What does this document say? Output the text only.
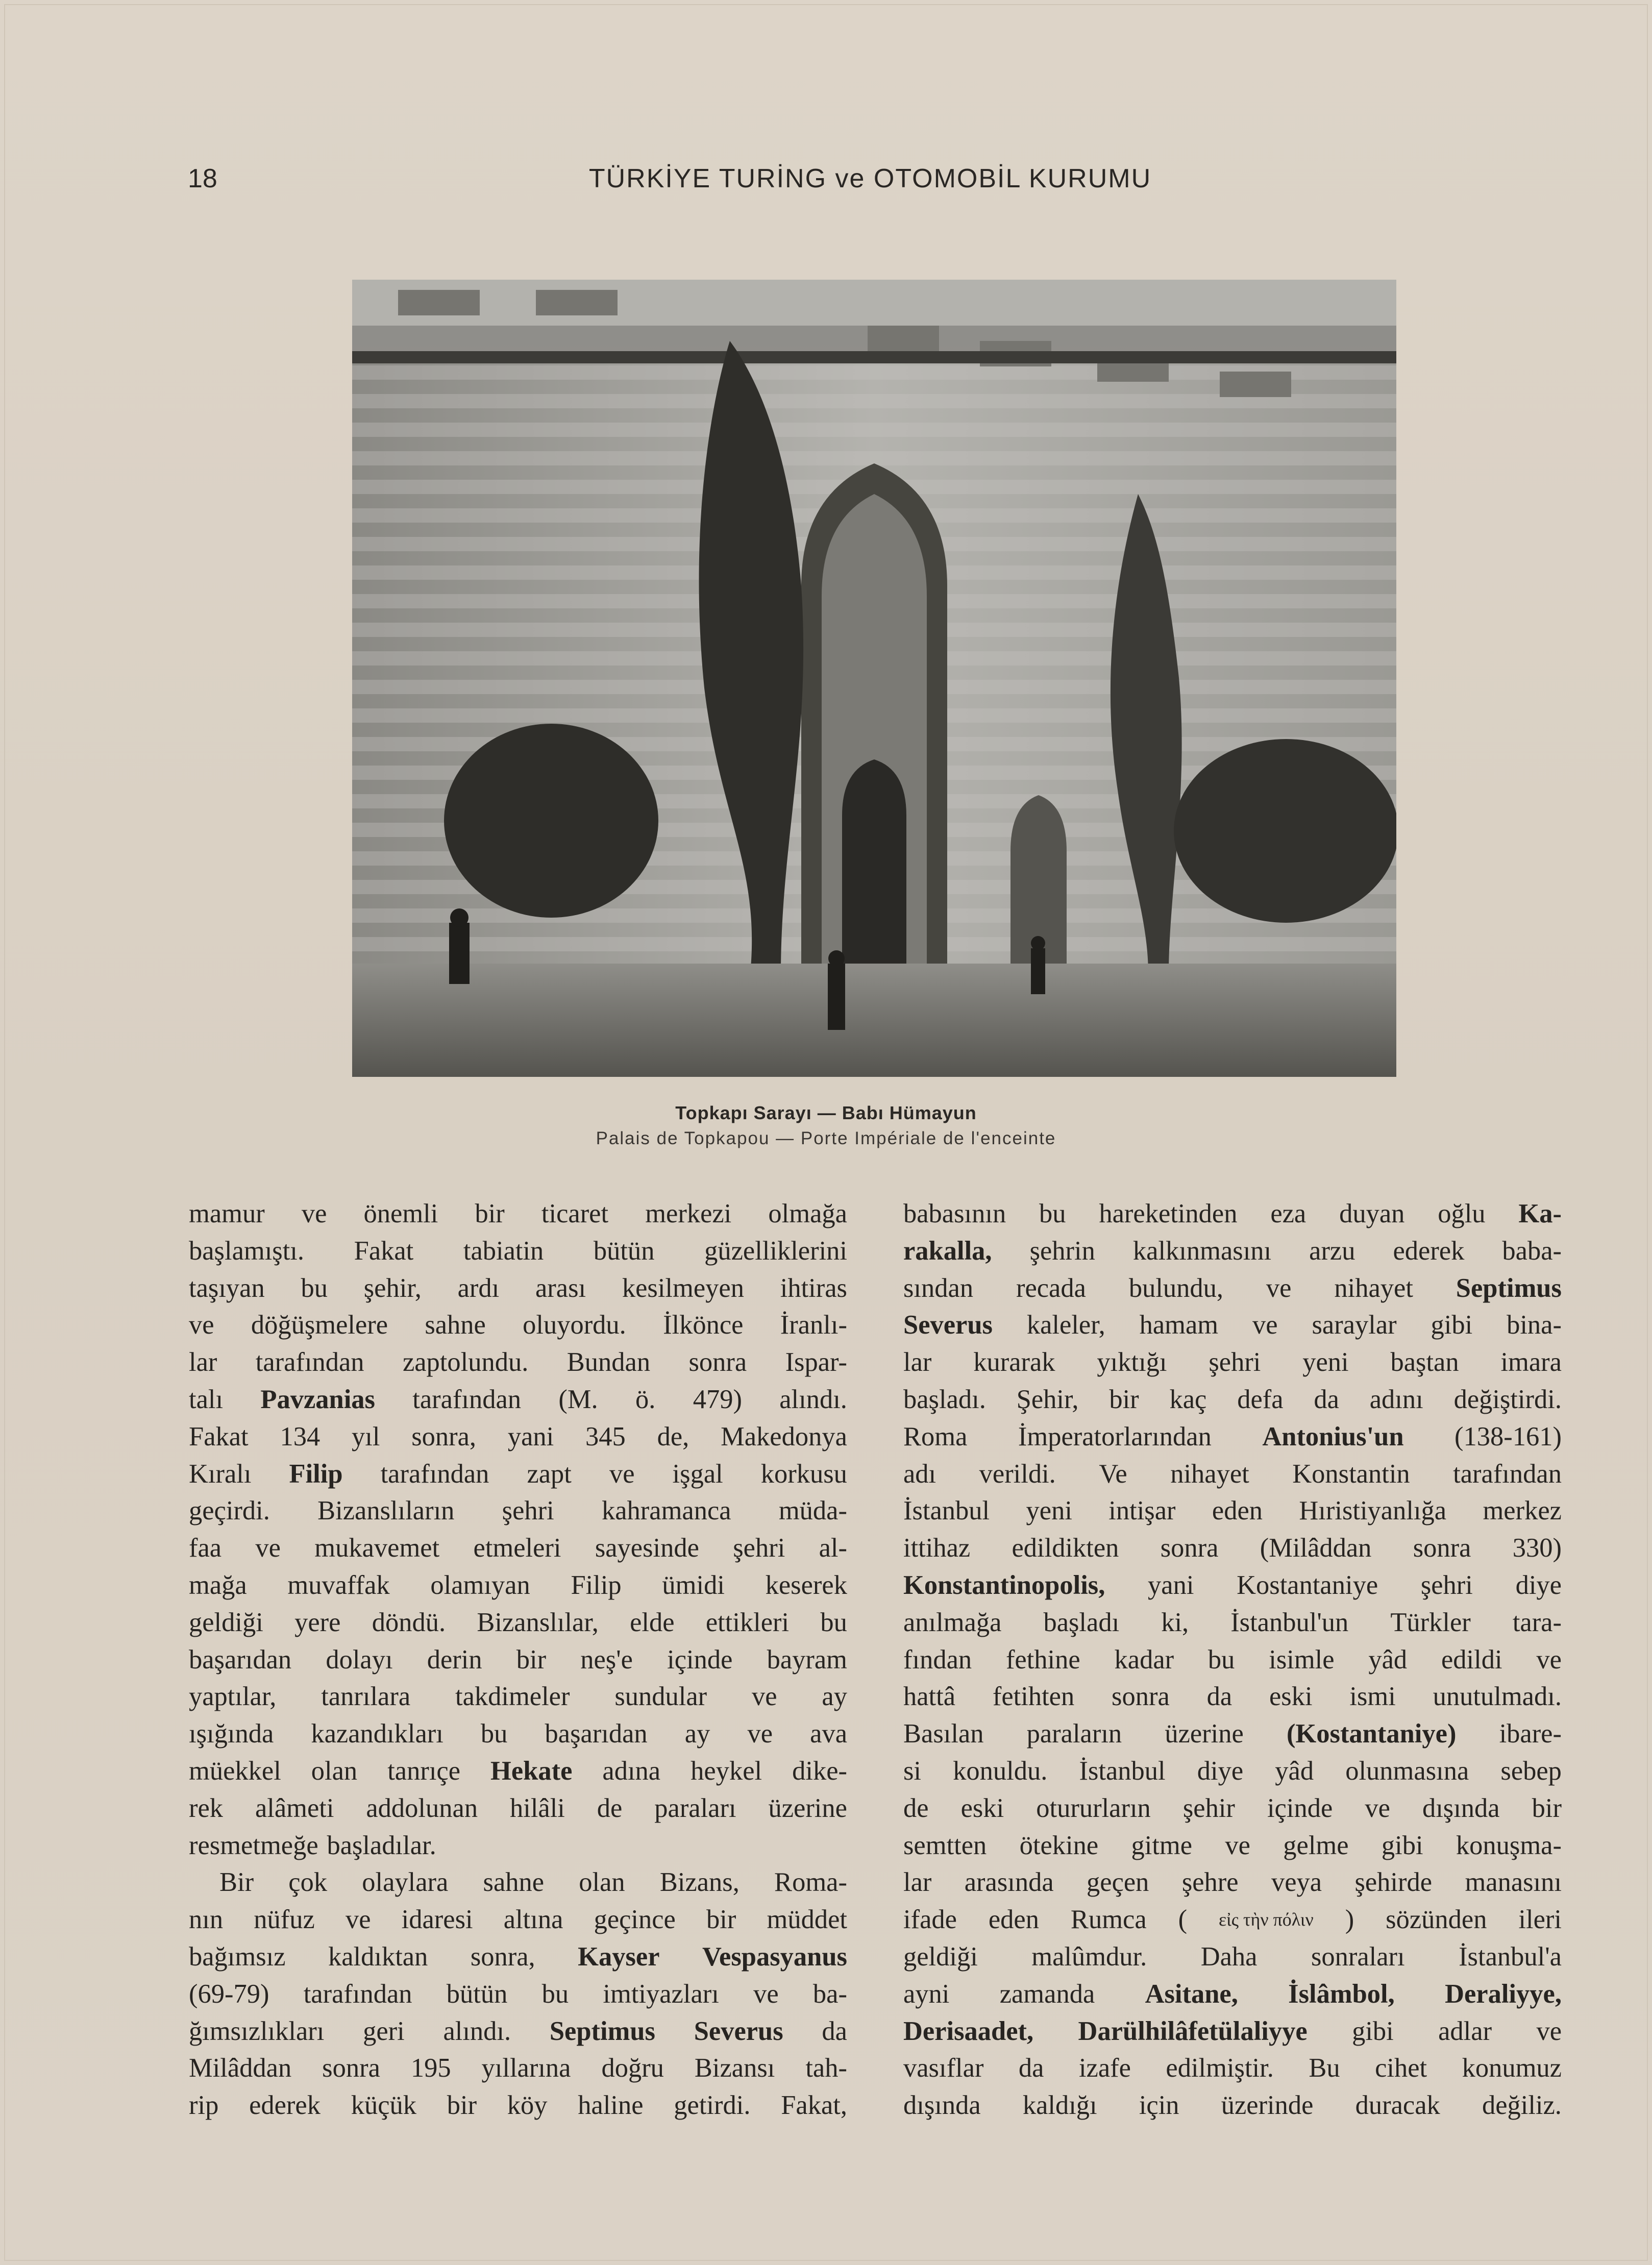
18	TÜRKİYE TURİNG ve OTOMOBİL KURUMU
Topkapı Sarayı — Babı Hümayun
Palais de Topkapou — Porte Impériale de l'enceinte
mamur ve önemli bir ticaret merkezi olmağa
başlamıştı. Fakat tabiatin bütün güzelliklerini
taşıyan bu şehir, ardı arası kesilmeyen ihtiras
ve döğüşmelere sahne oluyordu. İlkönce İranlı-
lar tarafından zaptolundu. Bundan sonra Ispar-
talı Pavzanias tarafından (M. ö. 479) alındı.
Fakat 134 yıl sonra, yani 345 de, Makedonya
Kıralı Filip tarafından zapt ve işgal korkusu
geçirdi. Bizanslıların şehri kahramanca müda-
faa ve mukavemet etmeleri sayesinde şehri al-
mağa muvaffak olamıyan Filip ümidi keserek
geldiği yere döndü. Bizanslılar, elde ettikleri bu
başarıdan dolayı derin bir neş'e içinde bayram
yaptılar, tanrılara takdimeler sundular ve ay
ışığında kazandıkları bu başarıdan ay ve ava
müekkel olan tanrıçe Hekate adına heykel dike-
rek alâmeti addolunan hilâli de paraları üzerine
resmetmeğe başladılar.
Bir çok olaylara sahne olan Bizans, Roma-
nın nüfuz ve idaresi altına geçince bir müddet
bağımsız kaldıktan sonra, Kayser Vespasyanus
(69-79) tarafından bütün bu imtiyazları ve ba-
ğımsızlıkları geri alındı. Septimus Severus da
Milâddan sonra 195 yıllarına doğru Bizansı tah-
rip ederek küçük bir köy haline getirdi. Fakat,
babasının bu hareketinden eza duyan oğlu Ka-
rakalla, şehrin kalkınmasını arzu ederek baba-
sından recada bulundu, ve nihayet Septimus
Severus kaleler, hamam ve saraylar gibi bina-
lar kurarak yıktığı şehri yeni baştan imara
başladı. Şehir, bir kaç defa da adını değiştirdi.
Roma İmperatorlarından Antonius'un (138-161)
adı verildi. Ve nihayet Konstantin tarafından
İstanbul yeni intişar eden Hıristiyanlığa merkez
ittihaz edildikten sonra (Milâddan sonra 330)
Konstantinopolis, yani Kostantaniye şehri diye
anılmağa başladı ki, İstanbul'un Türkler tara-
fından fethine kadar bu isimle yâd edildi ve
hattâ fetihten sonra da eski ismi unutulmadı.
Basılan paraların üzerine (Kostantaniye) ibare-
si konuldu. İstanbul diye yâd olunmasına sebep
de eski otururların şehir içinde ve dışında bir
semtten ötekine gitme ve gelme gibi konuşma-
lar arasında geçen şehre veya şehirde manasını
ifade eden Rumca ( εἰς τὴν πόλιν ) sözünden ileri
geldiği malûmdur. Daha sonraları İstanbul'a
ayni zamanda Asitane, İslâmbol, Deraliyye,
Derisaadet, Darülhilâfetülaliyye gibi adlar ve
vasıflar da izafe edilmiştir. Bu cihet konumuz
dışında kaldığı için üzerinde duracak değiliz.
